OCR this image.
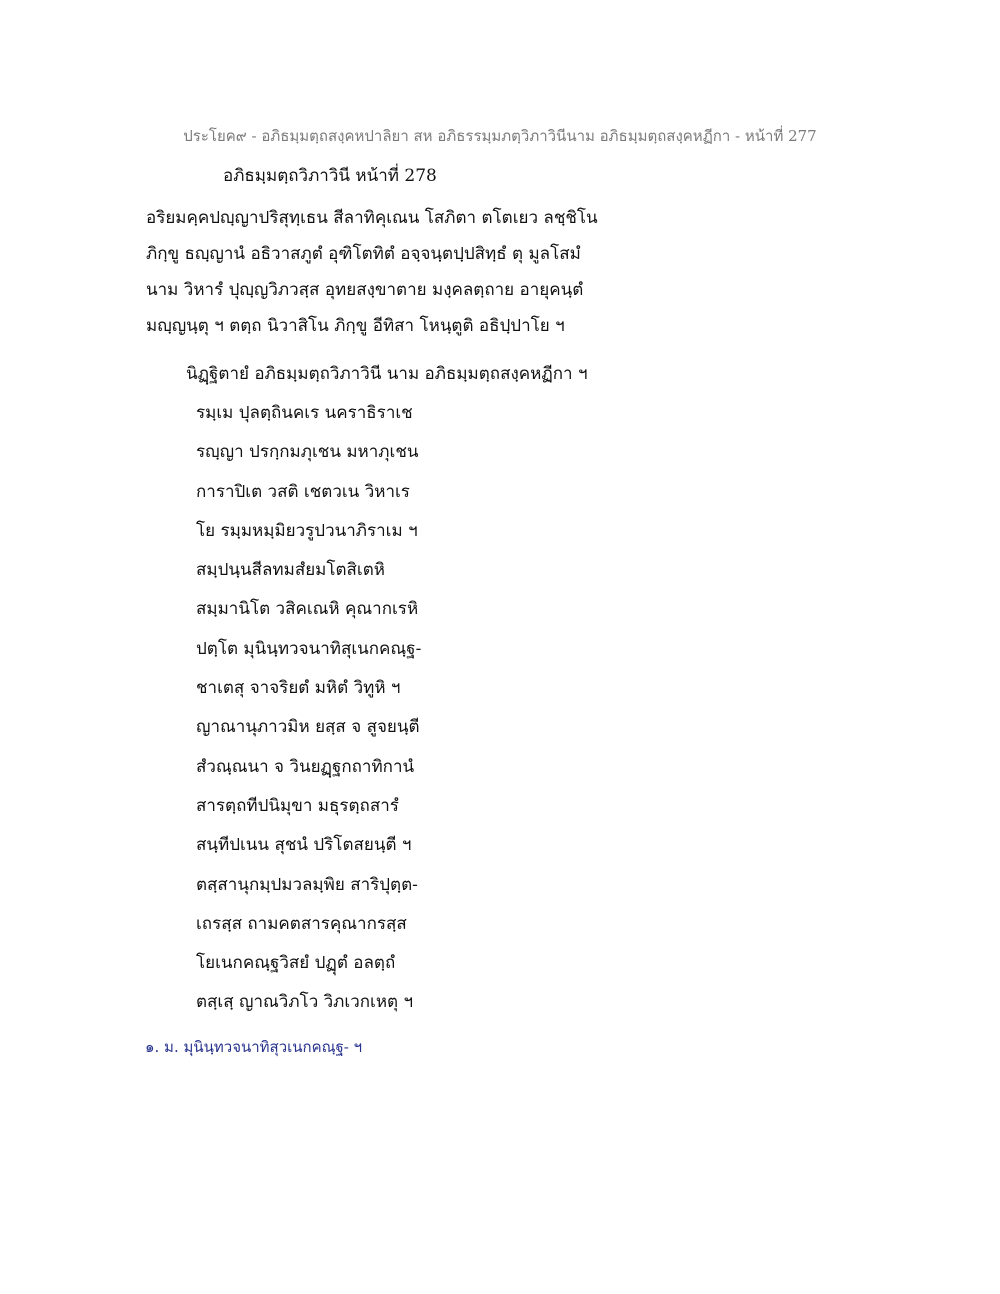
ประโยค๙ - อภิธมฺมตฺถสงฺคหปาลิยา สห อภิธรรมฺมภตฺวิภาวินีนาม อภิธมฺมตฺถสงฺคหฏีกา - หน้าที่ 277
อภิธมฺมตฺถวิภาวินี หน้าที่ 278
อริยมคฺคปญฺญาปริสุทฺเธน สีลาทิคุเณน โสภิตา ตโตเยว ลชฺชิโน
ภิกฺขู ธญฺญานํ อธิวาสภูตํ อุฑิโตทิตํ อจฺจนฺตปฺปสิทฺธํ ตุ มูลโสมํ
นาม วิหารํ ปุญฺญวิภวสฺส อุทยสงฺขาตาย มงฺคลตฺถาย อายุคนฺตํ
มญฺญนฺตุ ฯ ตตฺถ นิวาสิโน ภิกฺขู อีทิสา โหนฺตูติ อธิปฺปาโย ฯ
นิฏฺฐิตายํ อภิธมฺมตฺถวิภาวินี นาม อภิธมฺมตฺถสงฺคหฏีกา ฯ
รมฺเม ปุลตฺถินคเร นคราธิราเช
รญฺญา ปรกฺกมภุเชน มหาภุเชน
การาปิเต วสติ เชตวเน วิหาเร
โย รมฺมหมฺมิยวรูปวนาภิราเม ฯ
สมฺปนฺนสีลทมสํยมโตสิเตหิ
สมฺมานิโต วสิคเณหิ คุณากเรหิ
ปตฺโต มุนินฺทวจนาทิสุเนกคณฺฐ-
ชาเตสุ จาจริยตํ มหิตํ วิทูหิ ฯ
ญาณานุภาวมิห ยสฺส จ สูจยนฺตี
สํวณฺณนา จ วินยฏฺฐกถาทิกานํ
สารตฺถทีปนิมุขา มธุรตฺถสารํ
สนฺทีปเนน สุชนํ ปริโตสยนฺตี ฯ
ตสฺสานุกมฺปมวลมฺพิย สาริปุตฺต-
เถรสฺส ถามคตสารคุณากรสฺส
โยเนกคณฺฐวิสยํ ปฏุตํ อลตฺถํ
ตสฺเสฺ ญาณวิภโว วิภเวกเหตุ ฯ
๑. ม. มุนินฺทวจนาทิสุวเนกคณฺฐ- ฯ
